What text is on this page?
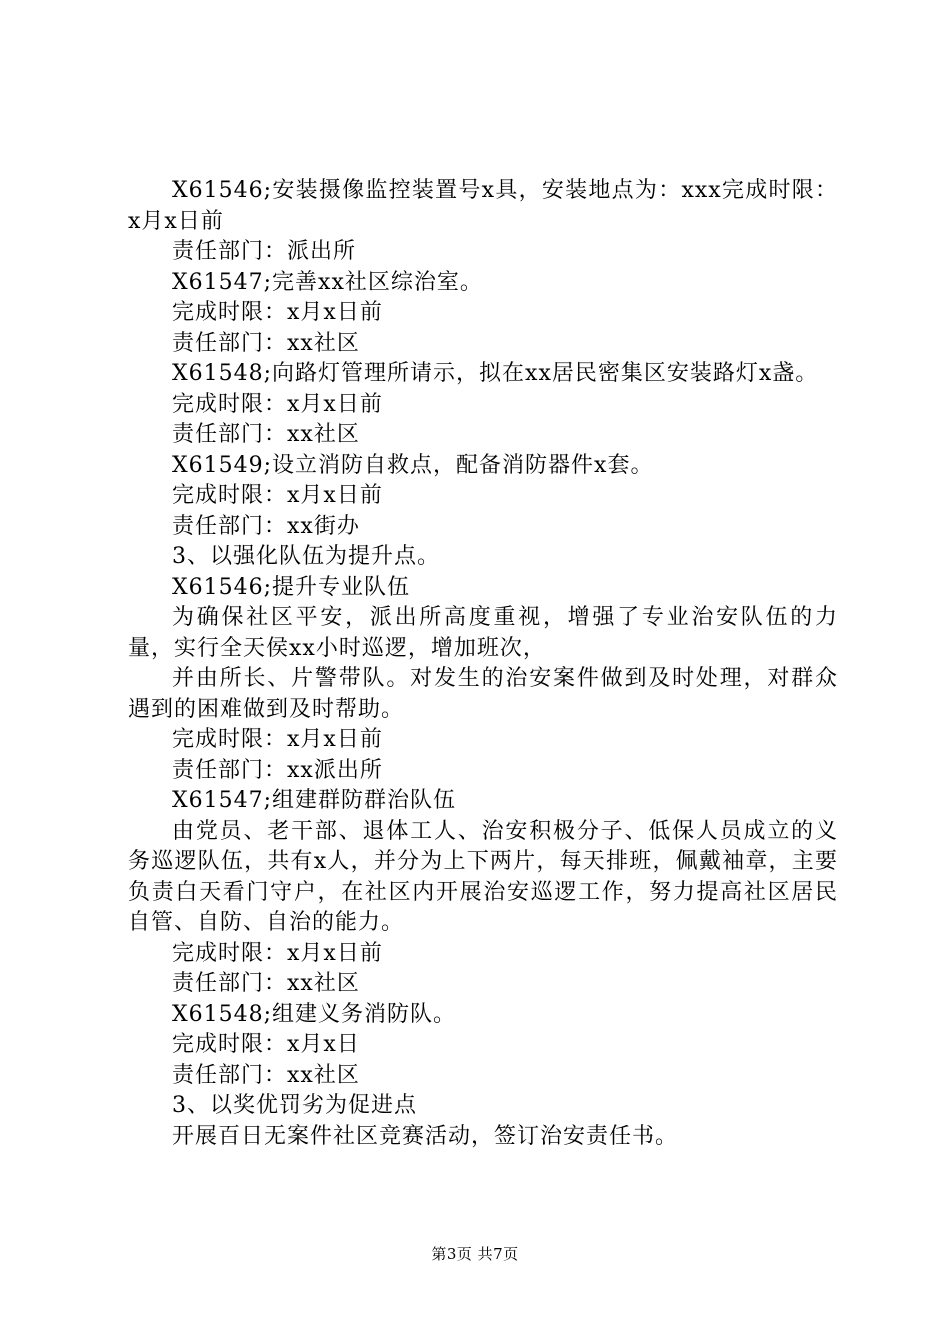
X61546;安装摄像监控装置号x具，安装地点为：xxx完成时限：x月x日前

责任部门：派出所

X61547;完善xx社区综治室。

完成时限：x月x日前

责任部门：xx社区

X61548;向路灯管理所请示，拟在xx居民密集区安装路灯x盏。

完成时限：x月x日前

责任部门：xx社区

X61549;设立消防自救点，配备消防器件x套。

完成时限：x月x日前

责任部门：xx街办

3、以强化队伍为提升点。

X61546;提升专业队伍

为确保社区平安，派出所高度重视，增强了专业治安队伍的力量，实行全天侯xx小时巡逻，增加班次，

并由所长、片警带队。对发生的治安案件做到及时处理，对群众遇到的困难做到及时帮助。

完成时限：x月x日前

责任部门：xx派出所

X61547;组建群防群治队伍

由党员、老干部、退体工人、治安积极分子、低保人员成立的义务巡逻队伍，共有x人，并分为上下两片，每天排班，佩戴袖章，主要负责白天看门守户，在社区内开展治安巡逻工作，努力提高社区居民自管、自防、自治的能力。

完成时限：x月x日前

责任部门：xx社区

X61548;组建义务消防队。

完成时限：x月x日

责任部门：xx社区

3、以奖优罚劣为促进点

开展百日无案件社区竞赛活动，签订治安责任书。

第3页 共7页
